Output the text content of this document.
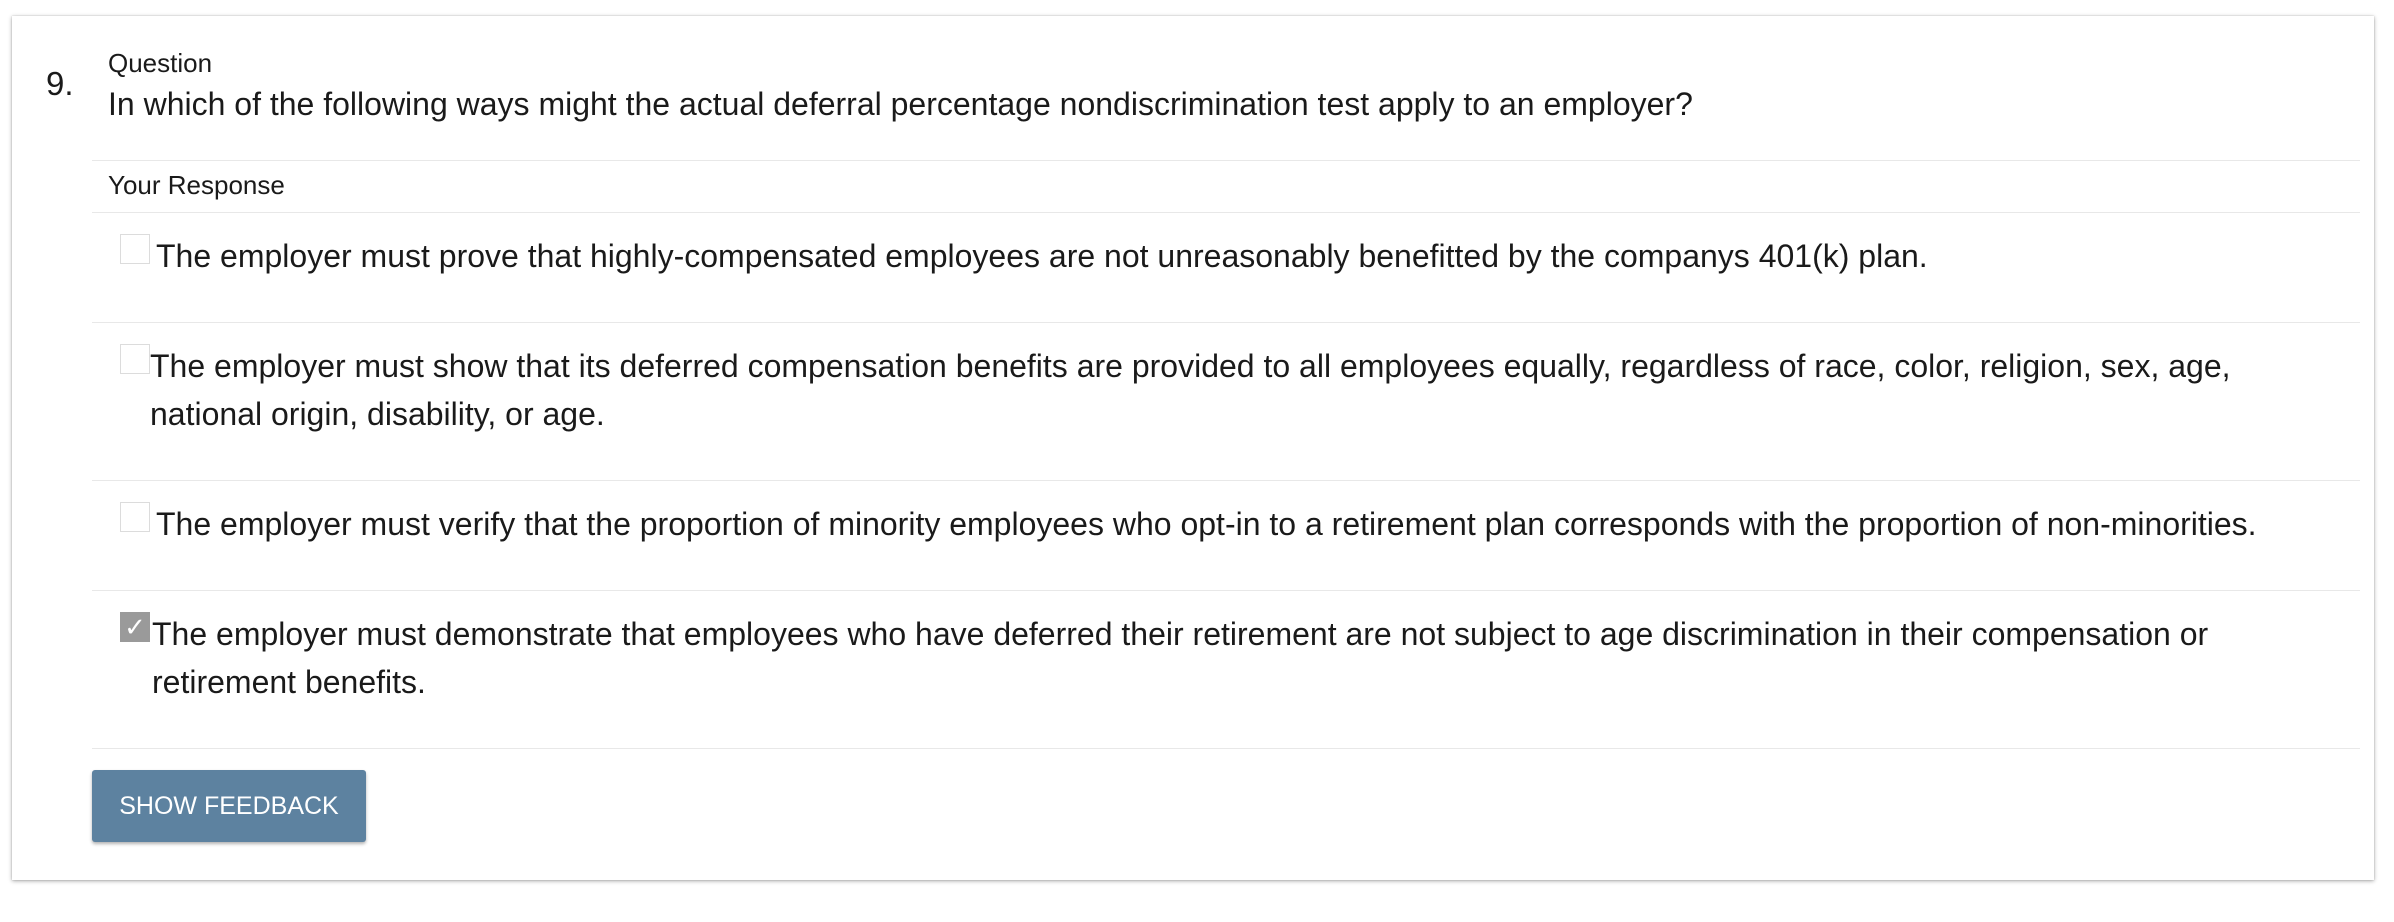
9.
Question
In which of the following ways might the actual deferral percentage nondiscrimination test apply to an employer?
Your Response
The employer must prove that highly-compensated employees are not unreasonably benefitted by the companys 401(k) plan.
The employer must show that its deferred compensation benefits are provided to all employees equally, regardless of race, color, religion, sex, age,
national origin, disability, or age.
The employer must verify that the proportion of minority employees who opt-in to a retirement plan corresponds with the proportion of non-minorities.
✓ The employer must demonstrate that employees who have deferred their retirement are not subject to age discrimination in their compensation or
retirement benefits.
SHOW FEEDBACK
